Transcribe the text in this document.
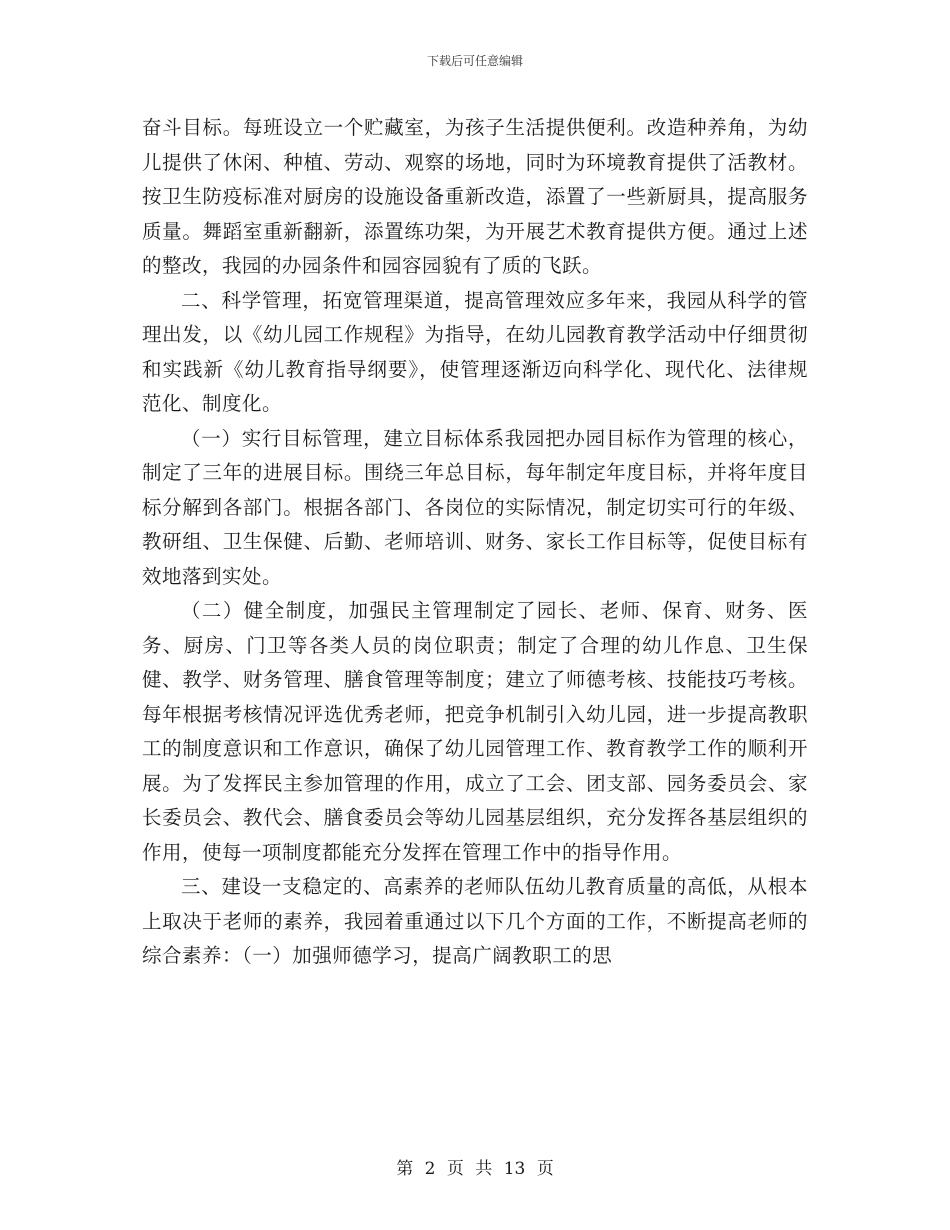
下载后可任意编辑

奋斗目标。每班设立一个贮藏室，为孩子生活提供便利。改造种养角，为幼儿提供了休闲、种植、劳动、观察的场地，同时为环境教育提供了活教材。按卫生防疫标准对厨房的设施设备重新改造，添置了一些新厨具，提高服务质量。舞蹈室重新翻新，添置练功架，为开展艺术教育提供方便。通过上述的整改，我园的办园条件和园容园貌有了质的飞跃。

二、科学管理，拓宽管理渠道，提高管理效应多年来，我园从科学的管理出发，以《幼儿园工作规程》为指导，在幼儿园教育教学活动中仔细贯彻和实践新《幼儿教育指导纲要》，使管理逐渐迈向科学化、现代化、法律规范化、制度化。

（一）实行目标管理，建立目标体系我园把办园目标作为管理的核心，制定了三年的进展目标。围绕三年总目标，每年制定年度目标，并将年度目标分解到各部门。根据各部门、各岗位的实际情况，制定切实可行的年级、教研组、卫生保健、后勤、老师培训、财务、家长工作目标等，促使目标有效地落到实处。

（二）健全制度，加强民主管理制定了园长、老师、保育、财务、医务、厨房、门卫等各类人员的岗位职责；制定了合理的幼儿作息、卫生保健、教学、财务管理、膳食管理等制度；建立了师德考核、技能技巧考核。每年根据考核情况评选优秀老师，把竞争机制引入幼儿园，进一步提高教职工的制度意识和工作意识，确保了幼儿园管理工作、教育教学工作的顺利开展。为了发挥民主参加管理的作用，成立了工会、团支部、园务委员会、家长委员会、教代会、膳食委员会等幼儿园基层组织，充分发挥各基层组织的作用，使每一项制度都能充分发挥在管理工作中的指导作用。

三、建设一支稳定的、高素养的老师队伍幼儿教育质量的高低，从根本上取决于老师的素养，我园着重通过以下几个方面的工作，不断提高老师的综合素养：（一）加强师德学习，提高广阔教职工的思

第 2 页 共 13 页
